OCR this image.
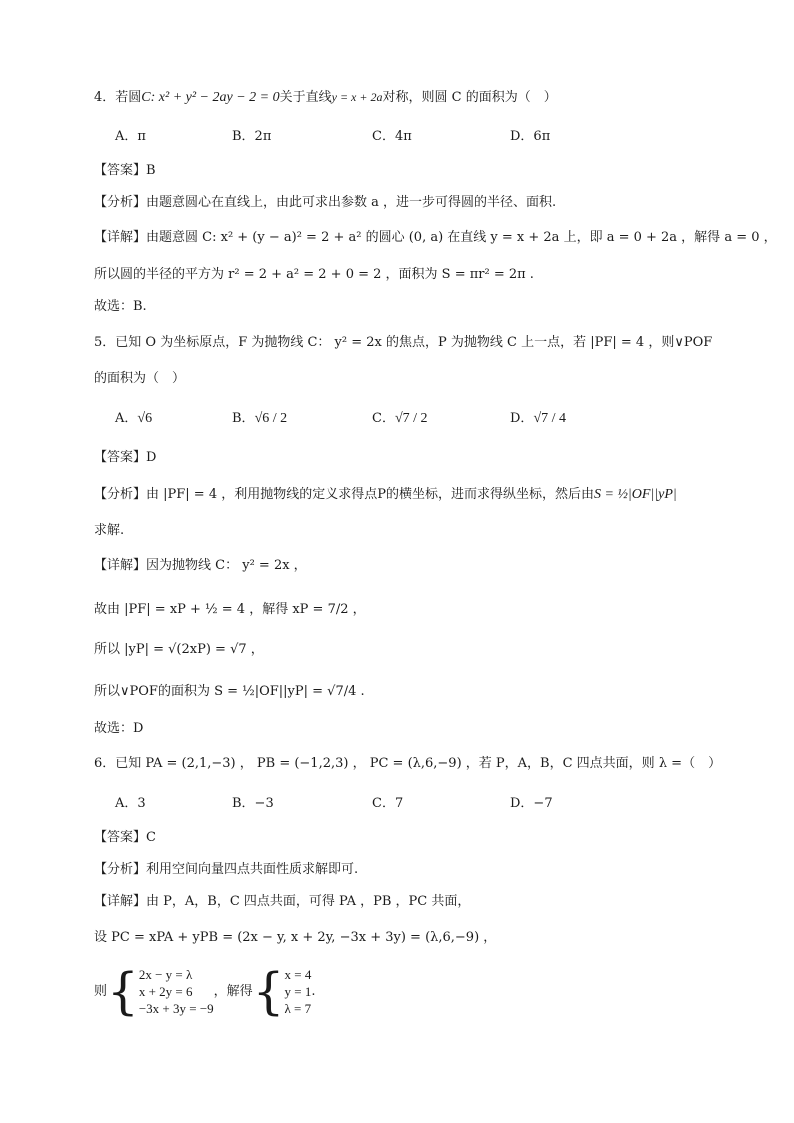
4．若圆C: x² + y² − 2ay − 2 = 0关于直线y = x + 2a对称，则圆 C 的面积为（　）
A．π	B．2π	C．4π	D．6π
【答案】B
【分析】由题意圆心在直线上，由此可求出参数 a ，进一步可得圆的半径、面积.
【详解】由题意圆 C: x² + (y − a)² = 2 + a² 的圆心 (0, a) 在直线 y = x + 2a 上，即 a = 0 + 2a ，解得 a = 0 ，
所以圆的半径的平方为 r² = 2 + a² = 2 + 0 = 2 ，面积为 S = πr² = 2π .
故选：B.
5．已知 O 为坐标原点，F 为抛物线 C： y² = 2x 的焦点，P 为抛物线 C 上一点，若 |PF| = 4 ，则∨POF
的面积为（　）
A．√6	B．√6 / 2	C．√7 / 2	D．√7 / 4
【答案】D
【分析】由 |PF| = 4 ，利用抛物线的定义求得点P的横坐标，进而求得纵坐标，然后由S = ½|OF||yP|
求解.
【详解】因为抛物线 C： y² = 2x ，
故由 |PF| = xP + ½ = 4 ，解得 xP = 7/2 ，
所以 |yP| = √(2xP) = √7 ，
所以∨POF的面积为 S = ½|OF||yP| = √7/4 .
故选：D
6．已知 PA = (2,1,−3) ， PB = (−1,2,3) ， PC = (λ,6,−9) ，若 P，A，B，C 四点共面，则 λ =（　）
A．3	B．−3	C．7	D．−7
【答案】C
【分析】利用空间向量四点共面性质求解即可.
【详解】由 P，A，B，C 四点共面，可得 PA ，PB ，PC 共面，
设 PC = xPA + yPB = (2x − y, x + 2y, −3x + 3y) = (λ,6,−9) ，
则{ 2x − y = λ
x + 2y = 6
−3x + 3y = −9
，解得{ x = 4
y = 1
λ = 7
.
